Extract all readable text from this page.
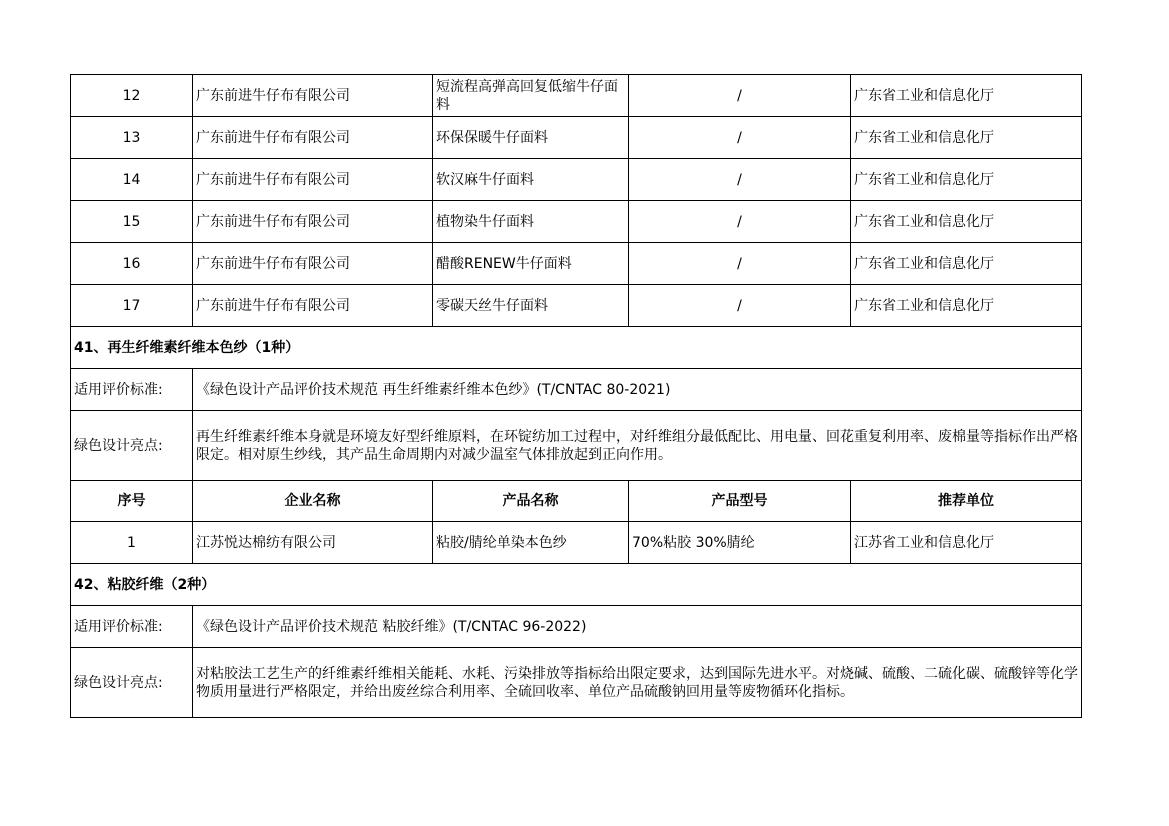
12	广东前进牛仔布有限公司	短流程高弹高回复低缩牛仔面料	/	广东省工业和信息化厅
13	广东前进牛仔布有限公司	环保保暖牛仔面料	/	广东省工业和信息化厅
14	广东前进牛仔布有限公司	软汉麻牛仔面料	/	广东省工业和信息化厅
15	广东前进牛仔布有限公司	植物染牛仔面料	/	广东省工业和信息化厅
16	广东前进牛仔布有限公司	醋酸RENEW牛仔面料	/	广东省工业和信息化厅
17	广东前进牛仔布有限公司	零碳天丝牛仔面料	/	广东省工业和信息化厅
41、再生纤维素纤维本色纱（1种）				
适用评价标准:	《绿色设计产品评价技术规范 再生纤维素纤维本色纱》(T/CNTAC 80-2021)			
绿色设计亮点:	再生纤维素纤维本身就是环境友好型纤维原料，在环锭纺加工过程中，对纤维组分最低配比、用电量、回花重复利用率、废棉量等指标作出严格限定。相对原生纱线，其产品生命周期内对减少温室气体排放起到正向作用。			
序号	企业名称	产品名称	产品型号	推荐单位
1	江苏悦达棉纺有限公司	粘胶/腈纶单染本色纱	70%粘胶 30%腈纶	江苏省工业和信息化厅
42、粘胶纤维（2种）				
适用评价标准:	《绿色设计产品评价技术规范 粘胶纤维》(T/CNTAC 96-2022)			
绿色设计亮点:	对粘胶法工艺生产的纤维素纤维相关能耗、水耗、污染排放等指标给出限定要求，达到国际先进水平。对烧碱、硫酸、二硫化碳、硫酸锌等化学物质用量进行严格限定，并给出废丝综合利用率、全硫回收率、单位产品硫酸钠回用量等废物循环化指标。			
